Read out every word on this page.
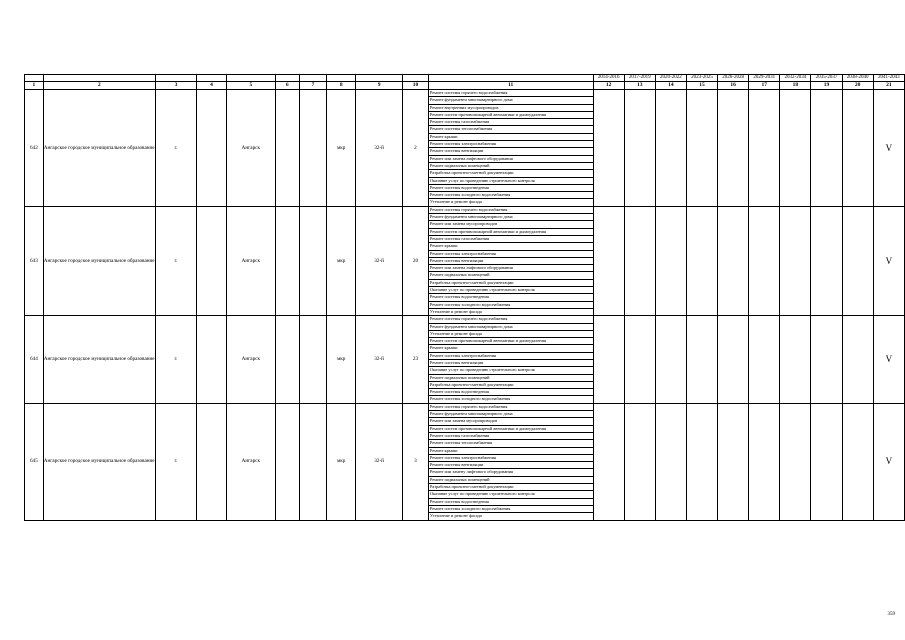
											2014-2016	2017-2019	2020-2022	2023-2025	2026-2028	2029-2031	2032-2034	2035-2037	2038-2040	2041-2043
1	2	3	4	5	6	7	8	9	10	11	12	13	14	15	16	17	18	19	20	21
642	Ангарское городское муниципальное образование	г.		Ангарск			мкр	32-й	2	Ремонт системы горячего водоснабжения										V
										Ремонт фундамента многоквартирного дома										
										Ремонт внутренних мусоропроводов										
										Ремонт систем противопожарной автоматики и дымоудаления										
										Ремонт системы газоснабжения										
										Ремонт системы теплоснабжения										
										Ремонт крыши										
										Ремонт системы электроснабжения										
										Ремонт системы вентиляции										
										Ремонт или замена лифтового оборудования										
										Ремонт подвальных помещений										
										Разработка проектно-сметной документации										
										Оказание услуг по проведению строительного контроля										
										Ремонт системы водоотведения										
										Ремонт системы холодного водоснабжения										
										Утепление и ремонт фасада										
643	Ангарское городское муниципальное образование	г.		Ангарск			мкр	32-й	20	Ремонт системы горячего водоснабжения										V
										Ремонт фундамента многоквартирного дома										
										Ремонт или замена мусоропроводов										
										Ремонт систем противопожарной автоматики и дымоудаления										
										Ремонт системы газоснабжения										
										Ремонт крыши										
										Ремонт системы электроснабжения										
										Ремонт системы вентиляции										
										Ремонт или замена лифтового оборудования										
										Ремонт подвальных помещений										
										Разработка проектно-сметной документации										
										Оказание услуг по проведению строительного контроля										
										Ремонт системы водоотведения										
										Ремонт системы холодного водоснабжения										
										Утепление и ремонт фасада										
644	Ангарское городское муниципальное образование	г.		Ангарск			мкр	32-й	23	Ремонт системы горячего водоснабжения										V
										Ремонт фундамента многоквартирного дома										
										Утепление и ремонт фасада										
										Ремонт систем противопожарной автоматики и дымоудаления										
										Ремонт крыши										
										Ремонт системы электроснабжения										
										Ремонт системы вентиляции										
										Оказание услуг по проведению строительного контроля										
										Ремонт подвальных помещений										
										Разработка проектно-сметной документации										
										Ремонт системы водоотведения										
										Ремонт системы холодного водоснабжения										
645	Ангарское городское муниципальное образование	г.		Ангарск			мкр	32-й	3	Ремонт системы горячего водоснабжения										V
										Ремонт фундамента многоквартирного дома										
										Ремонт или замена мусоропроводов										
										Ремонт систем противопожарной автоматики и дымоудаления										
										Ремонт системы газоснабжения										
										Ремонт системы теплоснабжения										
										Ремонт крыши										
										Ремонт системы электроснабжения										
										Ремонт системы вентиляции										
										Ремонт или замену лифтового оборудования										
										Ремонт подвальных помещений										
										Разработка проектно-сметной документации										
										Оказание услуг по проведению строительного контроля										
										Ремонт системы водоотведения										
										Ремонт системы холодного водоснабжения										
										Утепление и ремонт фасада										
359
